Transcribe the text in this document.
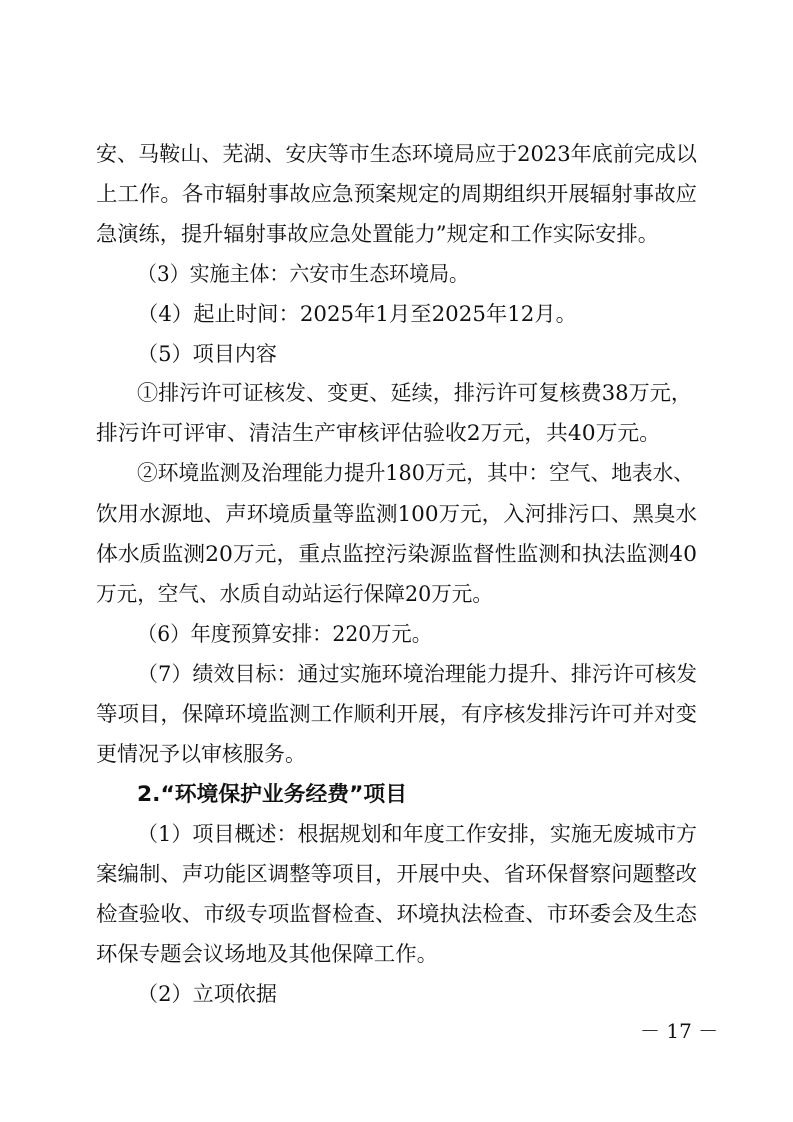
安、马鞍山、芜湖、安庆等市生态环境局应于2023年底前完成以
上工作。各市辐射事故应急预案规定的周期组织开展辐射事故应
急演练，提升辐射事故应急处置能力”规定和工作实际安排。
（3）实施主体：六安市生态环境局。
（4）起止时间：2025年1月至2025年12月。
（5）项目内容
①排污许可证核发、变更、延续，排污许可复核费38万元，
排污许可评审、清洁生产审核评估验收2万元，共40万元。
②环境监测及治理能力提升180万元，其中：空气、地表水、
饮用水源地、声环境质量等监测100万元，入河排污口、黑臭水
体水质监测20万元，重点监控污染源监督性监测和执法监测40
万元，空气、水质自动站运行保障20万元。
（6）年度预算安排：220万元。
（7）绩效目标：通过实施环境治理能力提升、排污许可核发
等项目，保障环境监测工作顺利开展，有序核发排污许可并对变
更情况予以审核服务。
2.“环境保护业务经费”项目
（1）项目概述：根据规划和年度工作安排，实施无废城市方
案编制、声功能区调整等项目，开展中央、省环保督察问题整改
检查验收、市级专项监督检查、环境执法检查、市环委会及生态
环保专题会议场地及其他保障工作。
（2）立项依据
－ 17 －
